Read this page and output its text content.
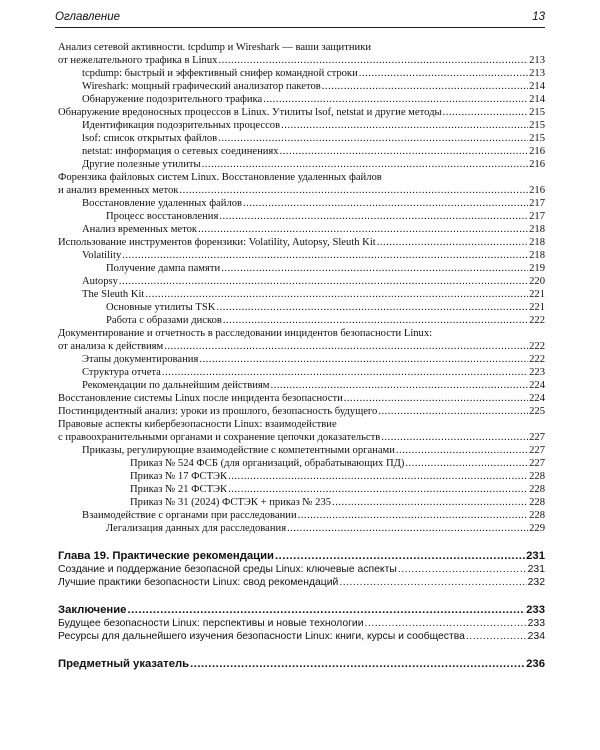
Оглавление	13
Анализ сетевой активности. tcpdump и Wireshark — ваши защитники
от нежелательного трафика в Linux .....	213
tcpdump: быстрый и эффективный снифер командной строки .....	213
Wireshark: мощный графический анализатор пакетов .....	214
Обнаружение подозрительного трафика .....	214
Обнаружение вредоносных процессов в Linux. Утилиты lsof, netstat и другие методы .....	215
Идентификация подозрительных процессов .....	215
lsof: список открытых файлов .....	215
netstat: информация о сетевых соединениях .....	216
Другие полезные утилиты .....	216
Форензика файловых систем Linux. Восстановление удаленных файлов
и анализ временных меток .....	216
Восстановление удаленных файлов .....	217
Процесс восстановления .....	217
Анализ временных меток .....	218
Использование инструментов форензики: Volatility, Autopsy, Sleuth Kit .....	218
Volatility .....	218
Получение дампа памяти .....	219
Autopsy .....	220
The Sleuth Kit .....	221
Основные утилиты TSK .....	221
Работа с образами дисков .....	222
Документирование и отчетность в расследовании инцидентов безопасности Linux:
от анализа к действиям .....	222
Этапы документирования .....	222
Структура отчета .....	223
Рекомендации по дальнейшим действиям .....	224
Восстановление системы Linux после инцидента безопасности .....	224
Постинцидентный анализ: уроки из прошлого, безопасность будущего .....	225
Правовые аспекты кибербезопасности Linux: взаимодействие
с правоохранительными органами и сохранение цепочки доказательств .....	227
Приказы, регулирующие взаимодействие с компетентными органами .....	227
Приказ № 524 ФСБ (для организаций, обрабатывающих ПД) .....	227
Приказ № 17 ФСТЭК .....	228
Приказ № 21 ФСТЭК .....	228
Приказ № 31 (2024) ФСТЭК + приказ № 235 .....	228
Взаимодействие с органами при расследовании .....	228
Легализация данных для расследования .....	229
Глава 19. Практические рекомендации .....	231
Создание и поддержание безопасной среды Linux: ключевые аспекты .....	231
Лучшие практики безопасности Linux: свод рекомендаций .....	232
Заключение .....	233
Будущее безопасности Linux: перспективы и новые технологии .....	233
Ресурсы для дальнейшего изучения безопасности Linux: книги, курсы и сообщества .....	234
Предметный указатель .....	236
